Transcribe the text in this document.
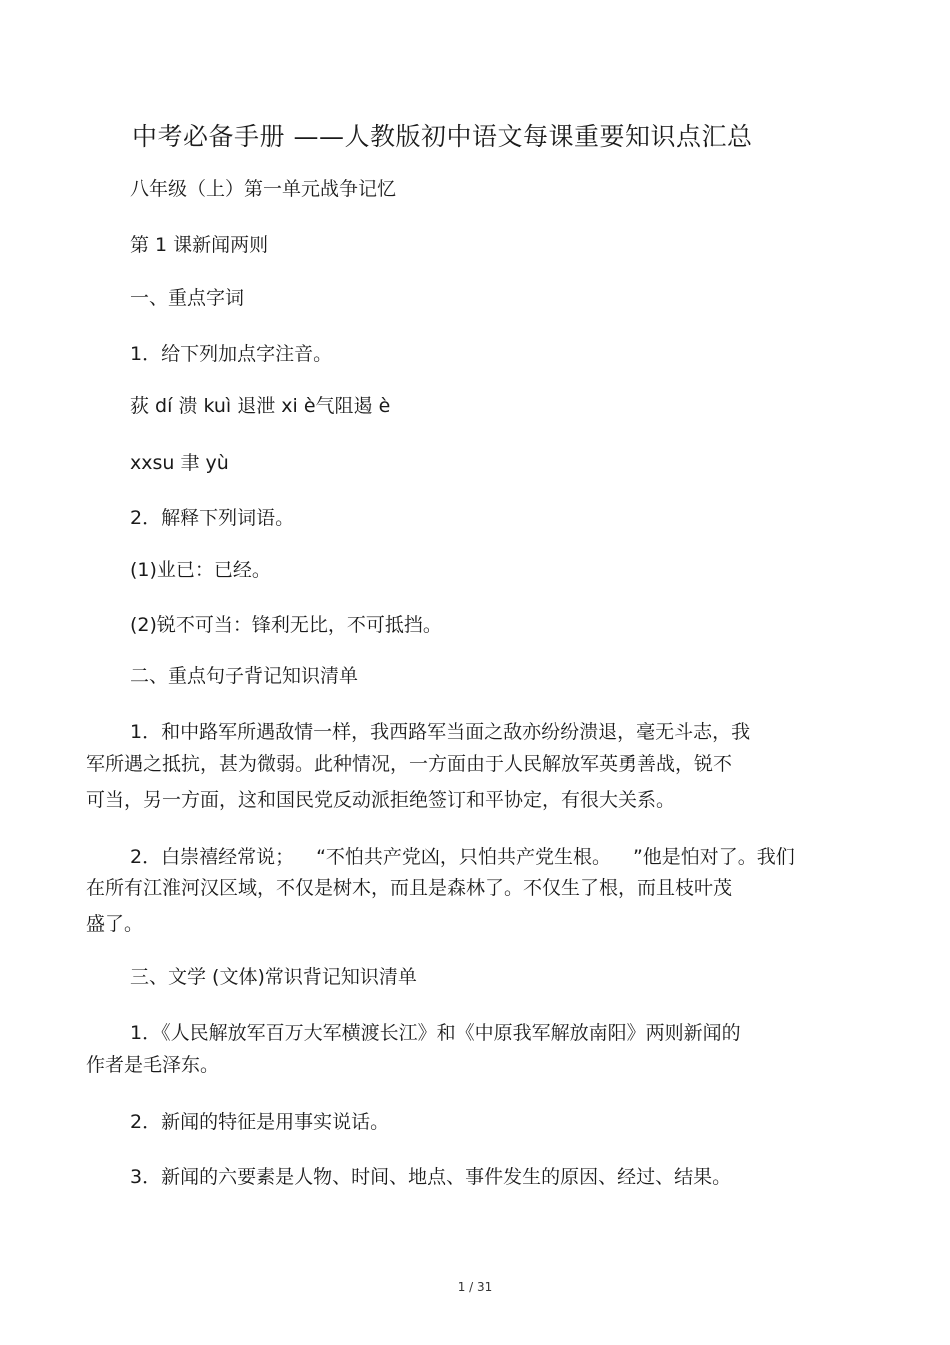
中考必备手册 ——人教版初中语文每课重要知识点汇总
八年级（上）第一单元战争记忆
第 1 课新闻两则
一、重点字词
1．给下列加点字注音。
荻 dí 溃 kuì 退泄 xi è气阻遏 è
xxsu 聿 yù
2．解释下列词语。
(1)业已：已经。
(2)锐不可当：锋利无比，不可抵挡。
二、重点句子背记知识清单
1．和中路军所遇敌情一样，我西路军当面之敌亦纷纷溃退，毫无斗志，我
军所遇之抵抗，甚为微弱。此种情况，一方面由于人民解放军英勇善战，锐不
可当，另一方面，这和国民党反动派拒绝签订和平协定，有很大关系。
2．白崇禧经常说； “不怕共产党凶，只怕共产党生根。 ”他是怕对了。我们
在所有江淮河汉区域，不仅是树木，而且是森林了。不仅生了根，而且枝叶茂
盛了。
三、文学 (文体)常识背记知识清单
1．《人民解放军百万大军横渡长江》和《中原我军解放南阳》两则新闻的
作者是毛泽东。
2．新闻的特征是用事实说话。
3．新闻的六要素是人物、时间、地点、事件发生的原因、经过、结果。
1 / 31
